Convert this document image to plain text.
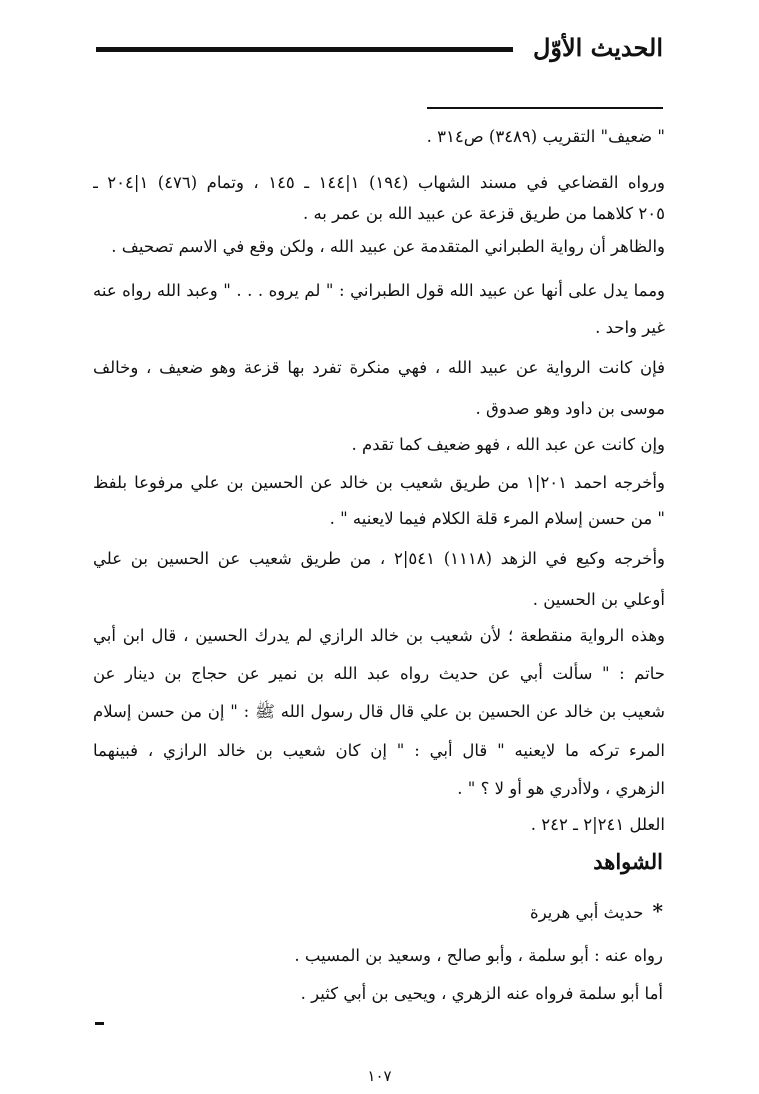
الحديث الأوّل
" ضعيف" التقريب (٣٤٨٩) ص٣١٤ .
ورواه القضاعي في مسند الشهاب (١٩٤) ١|١٤٤ ـ ١٤٥ ، وتمام (٤٧٦) ١|٢٠٤ ـ
٢٠٥ كلاهما من طريق قزعة عن عبيد الله بن عمر به .
والظاهر أن رواية الطبراني المتقدمة عن عبيد الله ، ولكن وقع في الاسم تصحيف .
ومما يدل على أنها عن عبيد الله قول الطبراني : " لم يروه . . . " وعبد الله رواه عنه
غير واحد .
فإن كانت الرواية عن عبيد الله ، فهي منكرة تفرد بها قزعة وهو ضعيف ، وخالف
موسى بن داود وهو صدوق .
وإن كانت عن عبد الله ، فهو ضعيف كما تقدم .
وأخرجه احمد ٢٠١|١ من طريق شعيب بن خالد عن الحسين بن علي مرفوعا بلفظ
" من حسن إسلام المرء قلة الكلام فيما لايعنيه " .
وأخرجه وكيع في الزهد (١١١٨) ٥٤١|٢ ، من طريق شعيب عن الحسين بن علي
أوعلي بن الحسين .
وهذه الرواية منقطعة ؛ لأن شعيب بن خالد الرازي لم يدرك الحسين ، قال ابن أبي
حاتم : " سألت أبي عن حديث رواه عبد الله بن نمير عن حجاج بن دينار عن
شعيب بن خالد عن الحسين بن علي قال قال رسول الله ﷺ : " إن من حسن إسلام
المرء تركه ما لايعنيه " قال أبي : " إن كان شعيب بن خالد الرازي ، فبينهما
الزهري ، ولاأدري هو أو لا ؟ " .
العلل ٢٤١|٢ ـ ٢٤٢ .
الشواهد
* حديث أبي هريرة
رواه عنه : أبو سلمة ، وأبو صالح ، وسعيد بن المسيب .
أما أبو سلمة فرواه عنه الزهري ، ويحيى بن أبي كثير .
١٠٧
